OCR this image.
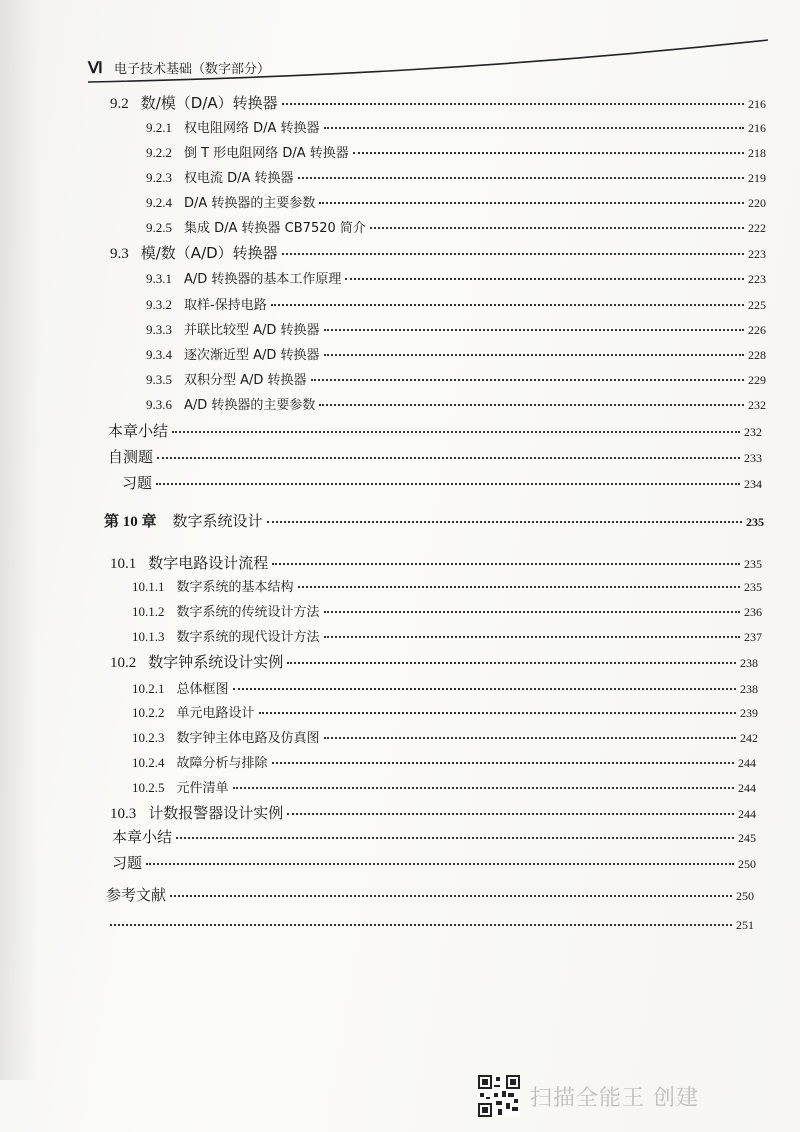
Ⅵ 电子技术基础（数字部分）
9.2 数/模（D/A）转换器	216
9.2.1 权电阻网络 D/A 转换器	216
9.2.2 倒 T 形电阻网络 D/A 转换器	218
9.2.3 权电流 D/A 转换器	219
9.2.4 D/A 转换器的主要参数	220
9.2.5 集成 D/A 转换器 CB7520 简介	222
9.3 模/数（A/D）转换器	223
9.3.1 A/D 转换器的基本工作原理	223
9.3.2 取样-保持电路	225
9.3.3 并联比较型 A/D 转换器	226
9.3.4 逐次渐近型 A/D 转换器	228
9.3.5 双积分型 A/D 转换器	229
9.3.6 A/D 转换器的主要参数	232
本章小结	232
自测题	233
习题	234
第 10 章 数字系统设计	235
10.1 数字电路设计流程	235
10.1.1 数字系统的基本结构	235
10.1.2 数字系统的传统设计方法	236
10.1.3 数字系统的现代设计方法	237
10.2 数字钟系统设计实例	238
10.2.1 总体框图	238
10.2.2 单元电路设计	239
10.2.3 数字钟主体电路及仿真图	242
10.2.4 故障分析与排除	244
10.2.5 元件清单	244
10.3 计数报警器设计实例	244
本章小结	245
习题	250
参考文献	250
251
扫描全能王 创建
